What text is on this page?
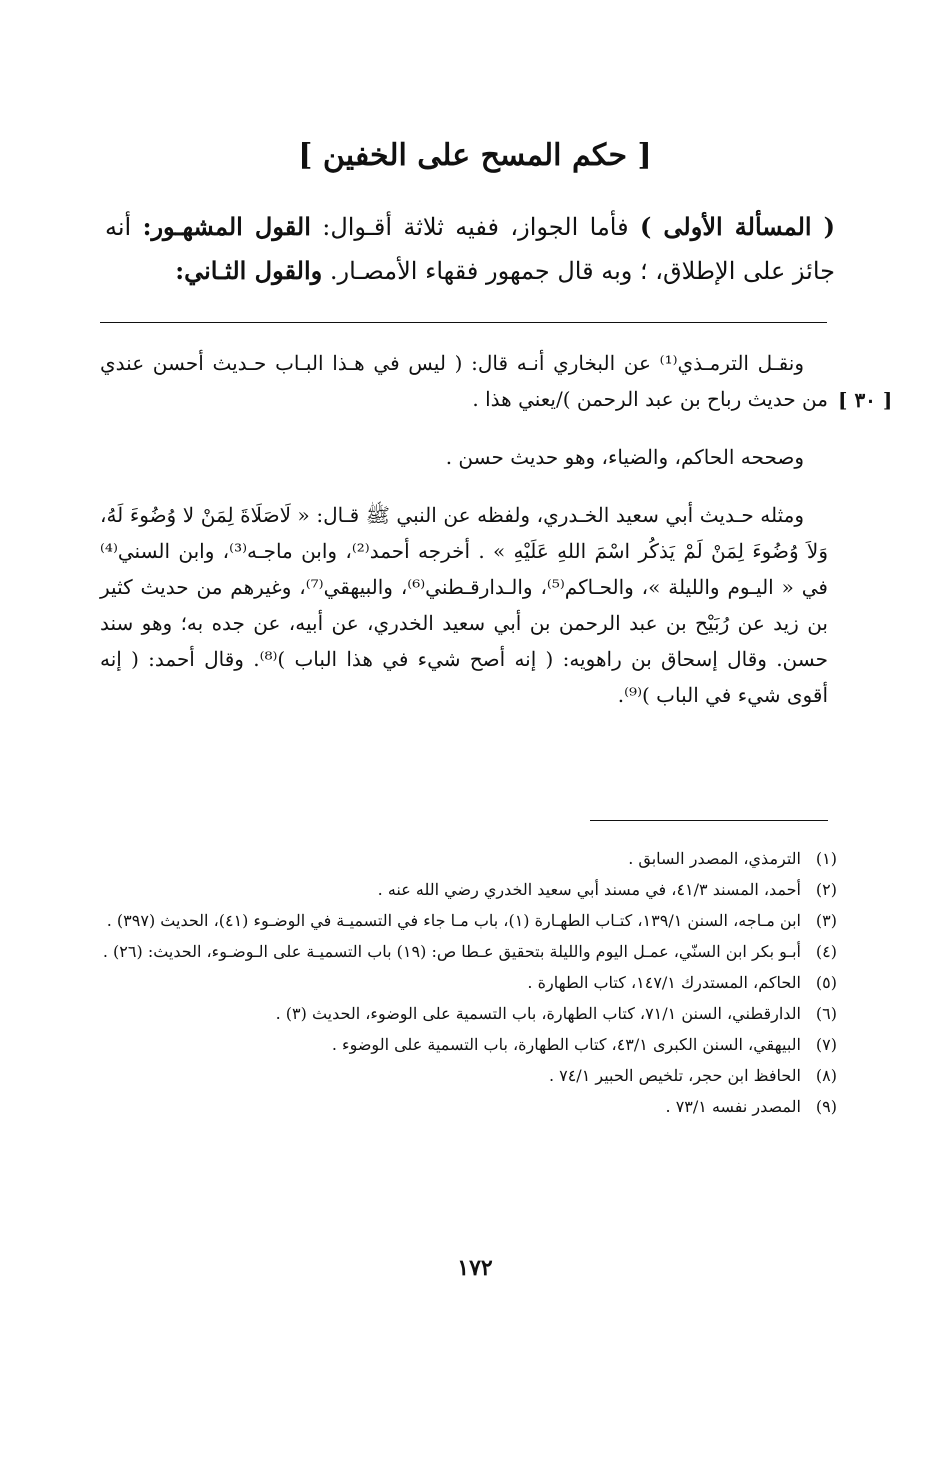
[ حكم المسح على الخفين ]
( المسألة الأولى ) فأما الجواز، ففيه ثلاثة أقـوال: القول المشهـور: أنه جائز على الإطلاق، ؛ وبه قال جمهور فقهاء الأمصـار. والقول الثـاني:
[ ٣٠ ]

ونقـل الترمـذي⁽¹⁾ عن البخاري أنـه قال: ( ليس في هـذا البـاب حـديث أحسن عندي من حديث رباح بن عبد الرحمن )/يعني هذا .

وصححه الحاكم، والضياء، وهو حديث حسن .

ومثله حـديث أبي سعيد الخـدري، ولفظه عن النبي ﷺ قـال: « لَاصَلَاةَ لِمَنْ لا وُضُوءَ لَهُ، وَلاَ وُضُوءَ لِمَنْ لَمْ يَذكُر اسْمَ اللهِ عَلَيْهِ » . أخرجه أحمد⁽²⁾، وابن ماجـه⁽³⁾، وابن السني⁽⁴⁾ في « اليـوم والليلة »، والحـاكم⁽⁵⁾، والـدارقـطني⁽⁶⁾، والبيهقي⁽⁷⁾، وغيرهم من حديث كثير بن زيد عن رُبَيْح بن عبد الرحمن بن أبي سعيد الخدري، عن أبيه، عن جده به؛ وهو سند حسن. وقال إسحاق بن راهويه: ( إنه أصح شيء في هذا الباب )⁽⁸⁾. وقال أحمد: ( إنه أقوى شيء في الباب )⁽⁹⁾.

(١)
الترمذي، المصدر السابق .
(٢)
أحمد، المسند ٤١/٣، في مسند أبي سعيد الخدري رضي الله عنه .
(٣)
ابن مـاجه، السنن ١٣٩/١، كتـاب الطهـارة (١)، باب مـا جاء في التسميـة في الوضـوء (٤١)، الحديث (٣٩٧) .
(٤)
أبـو بكر ابن السنّي، عمـل اليوم والليلة بتحقيق عـطا ص: (١٩) باب التسميـة على الـوضـوء، الحديث: (٢٦) .
(٥)
الحاكم، المستدرك ١٤٧/١، كتاب الطهارة .
(٦)
الدارقطني، السنن ٧١/١، كتاب الطهارة، باب التسمية على الوضوء، الحديث (٣) .
(٧)
البيهقي، السنن الكبرى ٤٣/١، كتاب الطهارة، باب التسمية على الوضوء .
(٨)
الحافظ ابن حجر، تلخيص الحبير ٧٤/١ .
(٩)
المصدر نفسه ٧٣/١ .
١٧٢
